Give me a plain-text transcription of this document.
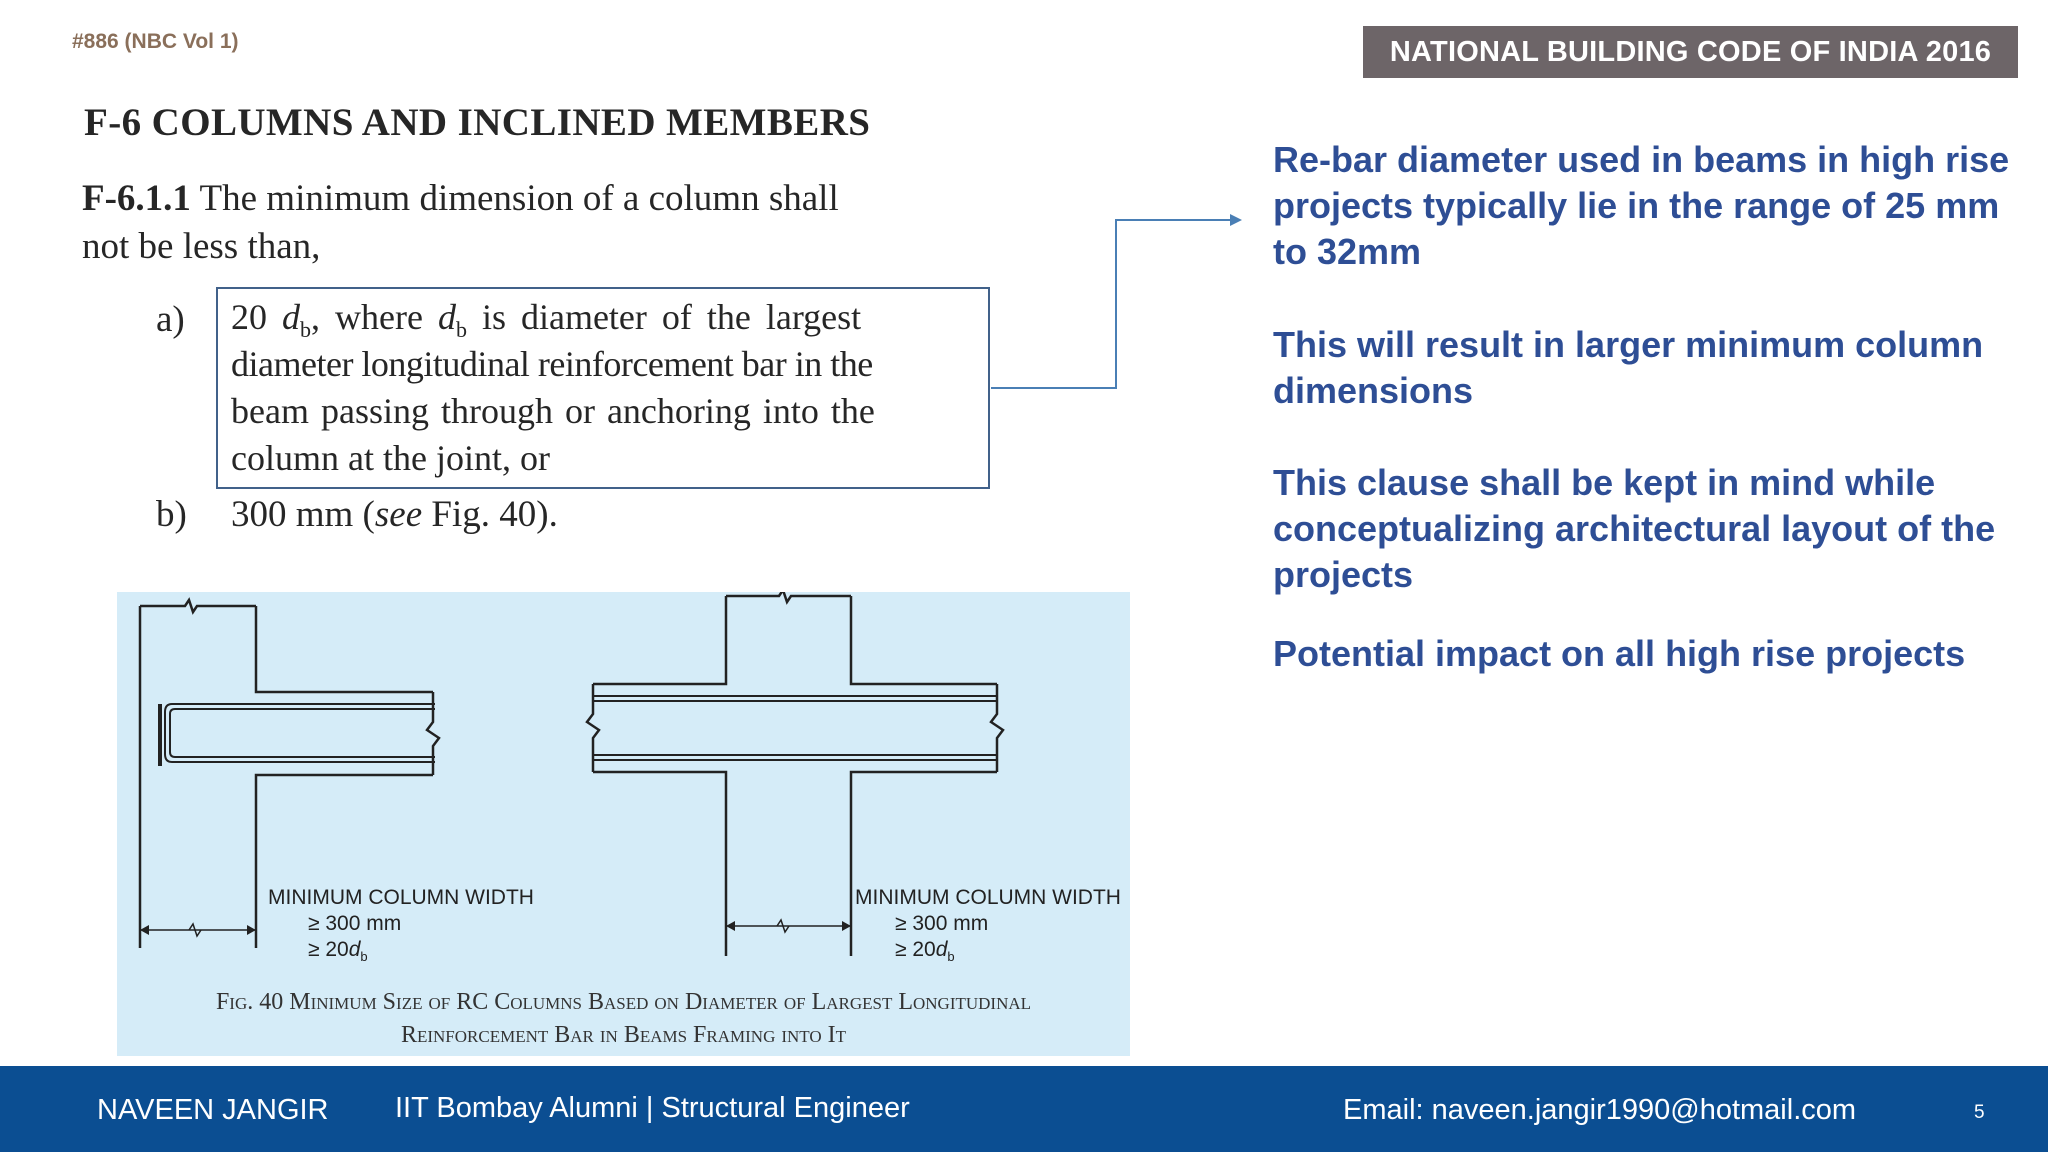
#886 (NBC Vol 1)	NATIONAL BUILDING CODE OF INDIA 2016
F-6 COLUMNS AND INCLINED MEMBERS
F-6.1.1 The minimum dimension of a column shall
not be less than,
a) 20 $d_b$, where $d_b$ is diameter of the largest
diameter longitudinal reinforcement bar in the
beam passing through or anchoring into the
column at the joint, or
b) 300 mm (see Fig. 40).
Re-bar diameter used in beams in high rise projects typically lie in the range of 25 mm to 32mm
This will result in larger minimum column dimensions
This clause shall be kept in mind while conceptualizing architectural layout of the projects
Potential impact on all high rise projects
MINIMUM COLUMN WIDTH
≥ 300 mm
≥ $20d_b$
MINIMUM COLUMN WIDTH
≥ 300 mm
≥ $20d_b$
Fig. 40 Minimum Size of RC Columns Based on Diameter of Largest Longitudinal
Reinforcement Bar in Beams Framing into It
NAVEEN JANGIR IIT Bombay Alumni | Structural Engineer	Email: naveen.jangir1990@hotmail.com	5
